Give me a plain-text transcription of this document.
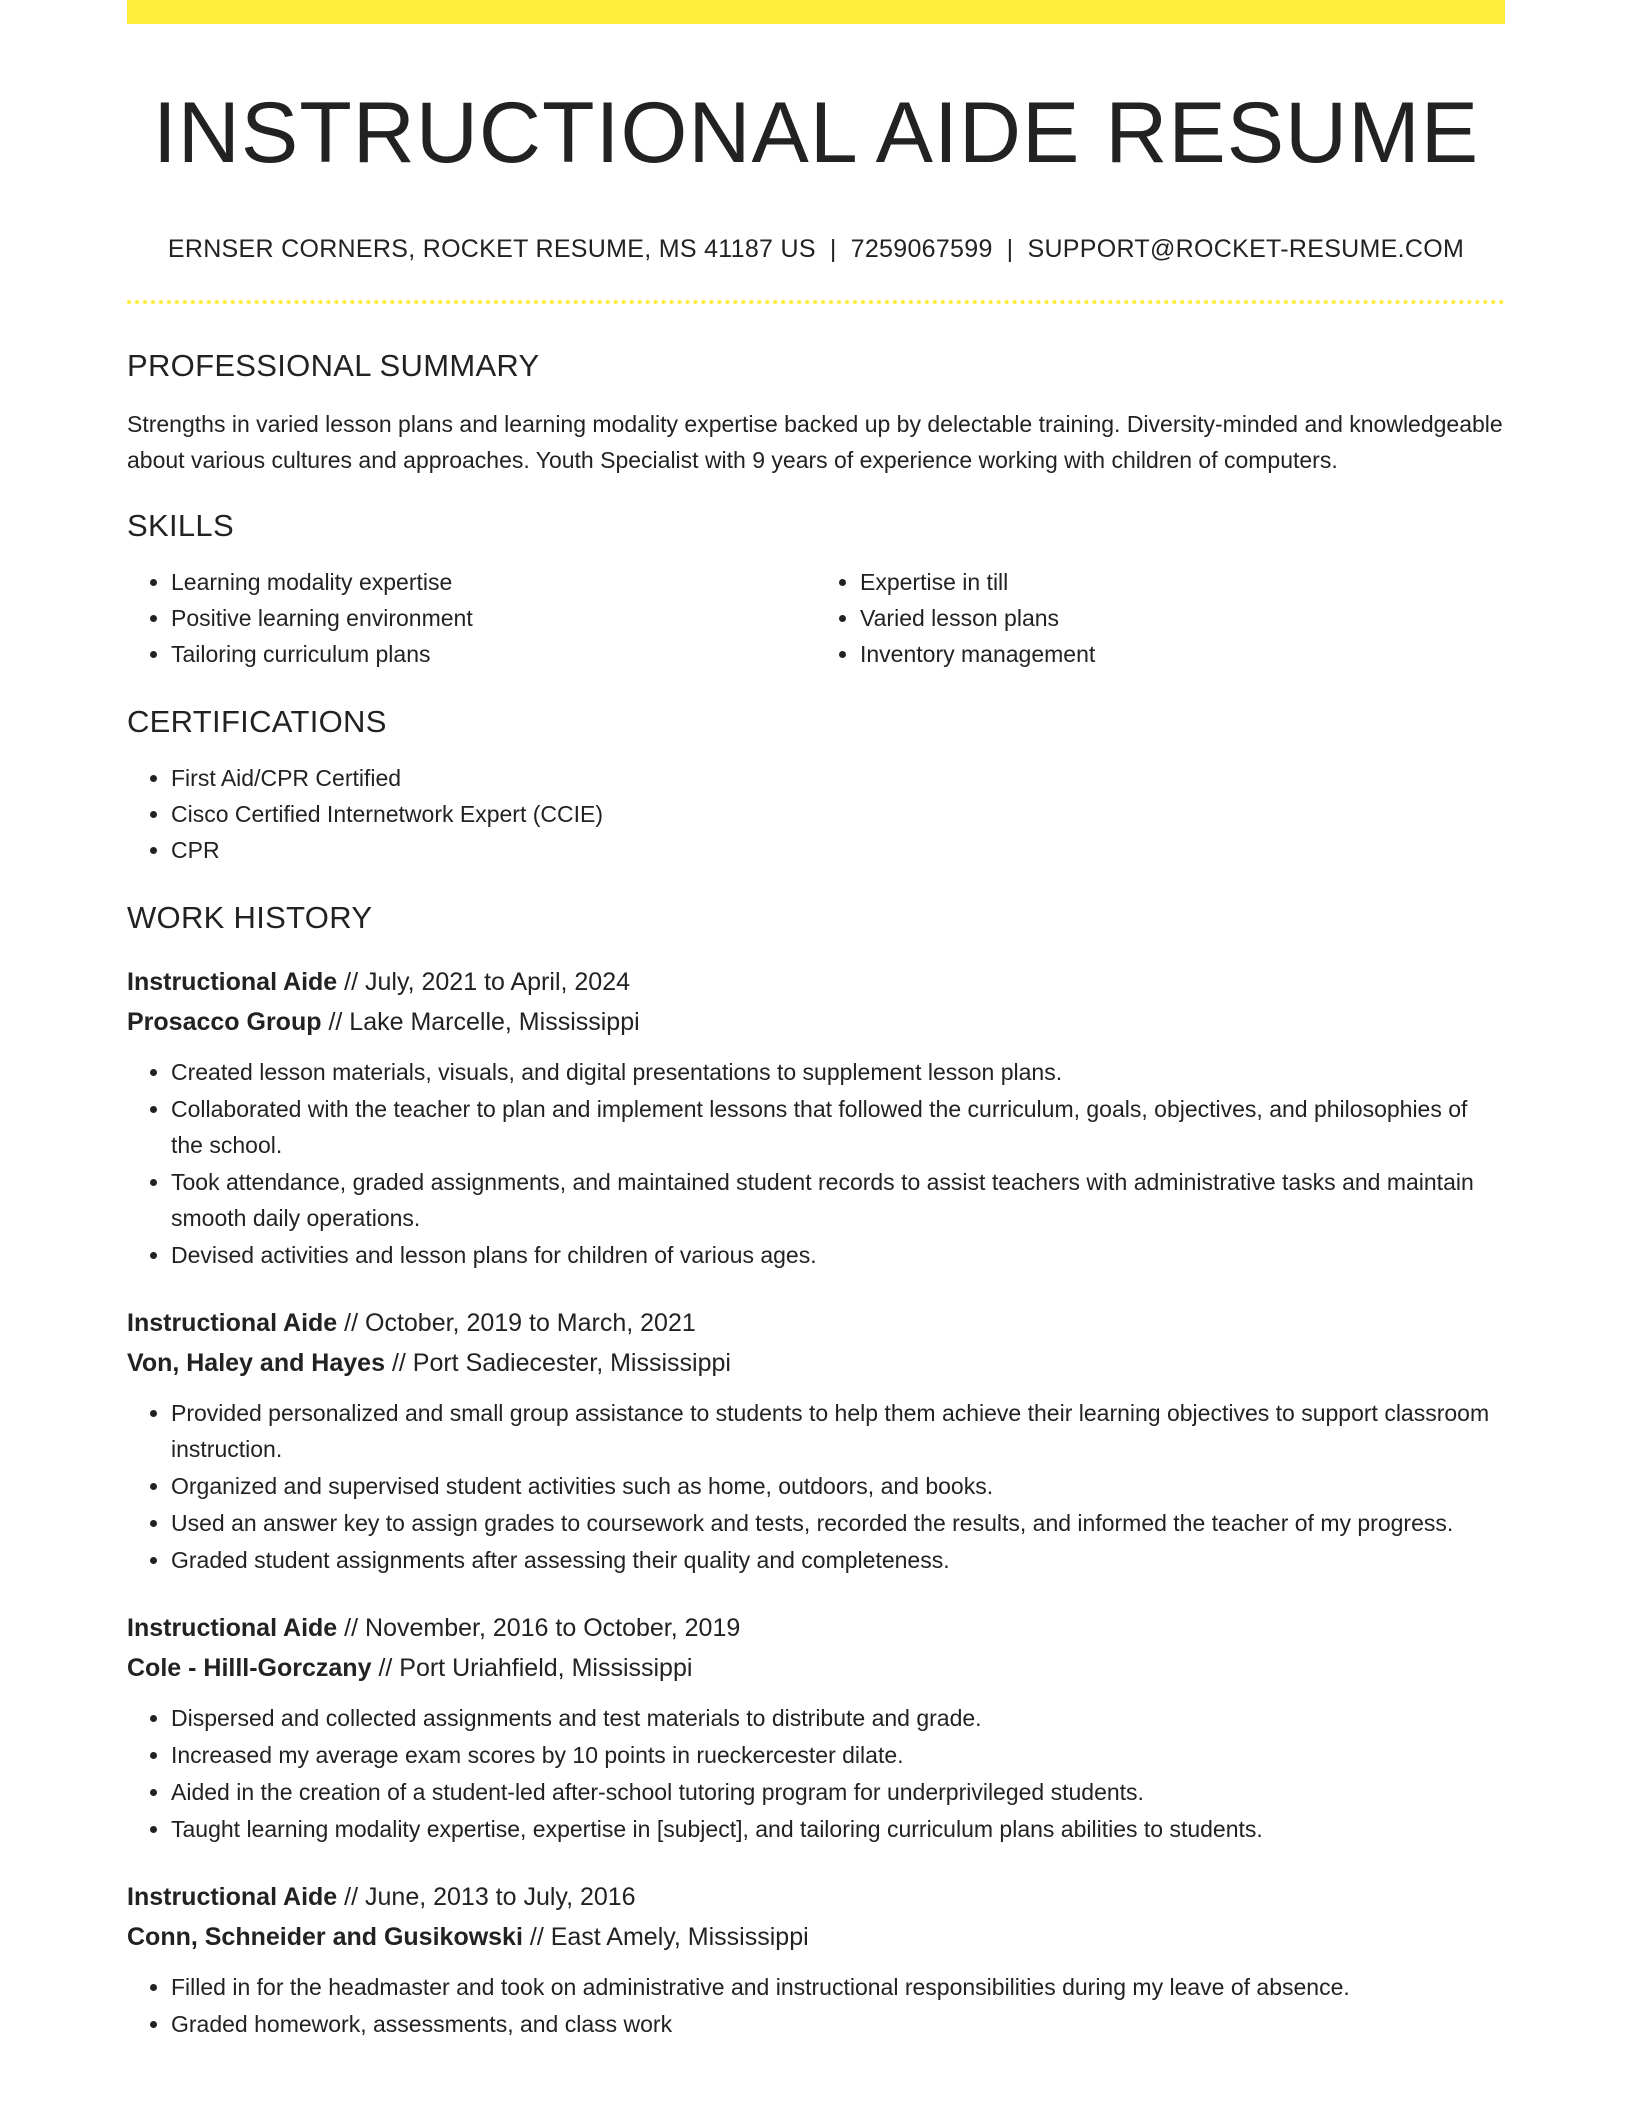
INSTRUCTIONAL AIDE RESUME
ERNSER CORNERS, ROCKET RESUME, MS 41187 US | 7259067599 | SUPPORT@ROCKET-RESUME.COM
PROFESSIONAL SUMMARY

Strengths in varied lesson plans and learning modality expertise backed up by delectable training. Diversity-minded and knowledgeable about various cultures and approaches. Youth Specialist with 9 years of experience working with children of computers.

SKILLS
• Learning modality expertise
• Positive learning environment
• Tailoring curriculum plans
• Expertise in till
• Varied lesson plans
• Inventory management
CERTIFICATIONS
• First Aid/CPR Certified
• Cisco Certified Internetwork Expert (CCIE)
• CPR
WORK HISTORY
Instructional Aide // July, 2021 to April, 2024
Prosacco Group // Lake Marcelle, Mississippi
• Created lesson materials, visuals, and digital presentations to supplement lesson plans.
• Collaborated with the teacher to plan and implement lessons that followed the curriculum, goals, objectives, and philosophies of the school.
• Took attendance, graded assignments, and maintained student records to assist teachers with administrative tasks and maintain smooth daily operations.
• Devised activities and lesson plans for children of various ages.
Instructional Aide // October, 2019 to March, 2021
Von, Haley and Hayes // Port Sadiecester, Mississippi
• Provided personalized and small group assistance to students to help them achieve their learning objectives to support classroom instruction.
• Organized and supervised student activities such as home, outdoors, and books.
• Used an answer key to assign grades to coursework and tests, recorded the results, and informed the teacher of my progress.
• Graded student assignments after assessing their quality and completeness.
Instructional Aide // November, 2016 to October, 2019
Cole - Hilll-Gorczany // Port Uriahfield, Mississippi
• Dispersed and collected assignments and test materials to distribute and grade.
• Increased my average exam scores by 10 points in rueckercester dilate.
• Aided in the creation of a student-led after-school tutoring program for underprivileged students.
• Taught learning modality expertise, expertise in [subject], and tailoring curriculum plans abilities to students.
Instructional Aide // June, 2013 to July, 2016
Conn, Schneider and Gusikowski // East Amely, Mississippi
• Filled in for the headmaster and took on administrative and instructional responsibilities during my leave of absence.
• Graded homework, assessments, and class work
